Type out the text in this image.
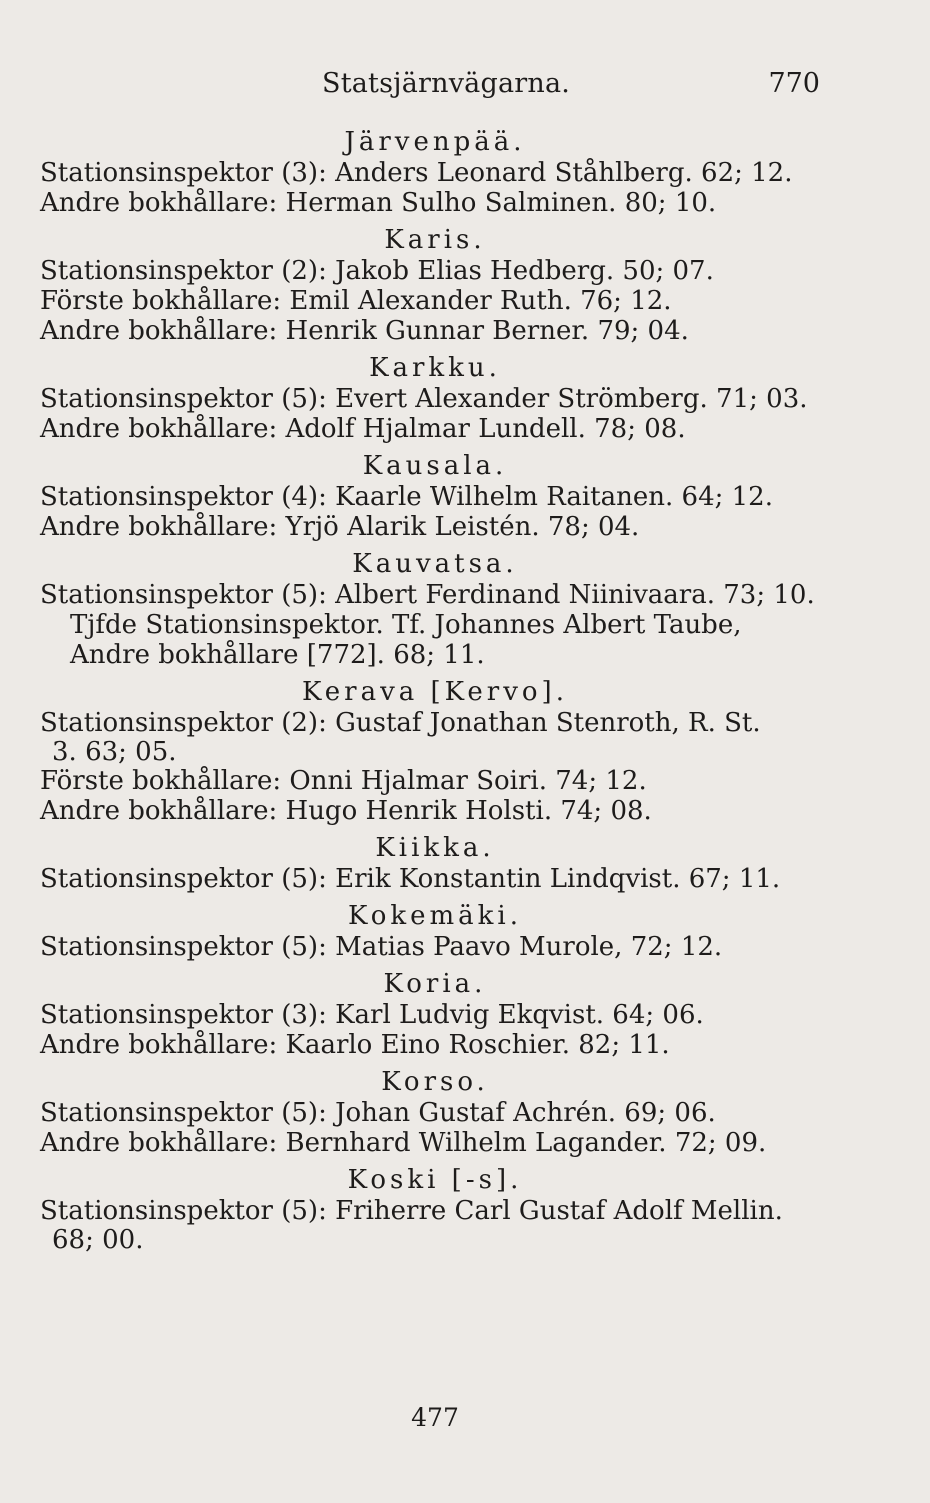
Statsjärnvägarna.	770
Järvenpää.
Stationsinspektor (3): Anders Leonard Ståhlberg. 62; 12.
Andre bokhållare: Herman Sulho Salminen. 80; 10.
Karis.
Stationsinspektor (2): Jakob Elias Hedberg. 50; 07.
Förste bokhållare: Emil Alexander Ruth. 76; 12.
Andre bokhållare: Henrik Gunnar Berner. 79; 04.
Karkku.
Stationsinspektor (5): Evert Alexander Strömberg. 71; 03.
Andre bokhållare: Adolf Hjalmar Lundell. 78; 08.
Kausala.
Stationsinspektor (4): Kaarle Wilhelm Raitanen. 64; 12.
Andre bokhållare: Yrjö Alarik Leistén. 78; 04.
Kauvatsa.
Stationsinspektor (5): Albert Ferdinand Niinivaara. 73; 10.
Tjfde Stationsinspektor. Tf. Johannes Albert Taube,
Andre bokhållare [772]. 68; 11.
Kerava [Kervo].
Stationsinspektor (2): Gustaf Jonathan Stenroth, R. St.
3. 63; 05.
Förste bokhållare: Onni Hjalmar Soiri. 74; 12.
Andre bokhållare: Hugo Henrik Holsti. 74; 08.
Kiikka.
Stationsinspektor (5): Erik Konstantin Lindqvist. 67; 11.
Kokemäki.
Stationsinspektor (5): Matias Paavo Murole, 72; 12.
Koria.
Stationsinspektor (3): Karl Ludvig Ekqvist. 64; 06.
Andre bokhållare: Kaarlo Eino Roschier. 82; 11.
Korso.
Stationsinspektor (5): Johan Gustaf Achrén. 69; 06.
Andre bokhållare: Bernhard Wilhelm Lagander. 72; 09.
Koski [-s].
Stationsinspektor (5): Friherre Carl Gustaf Adolf Mellin.
68; 00.
477
